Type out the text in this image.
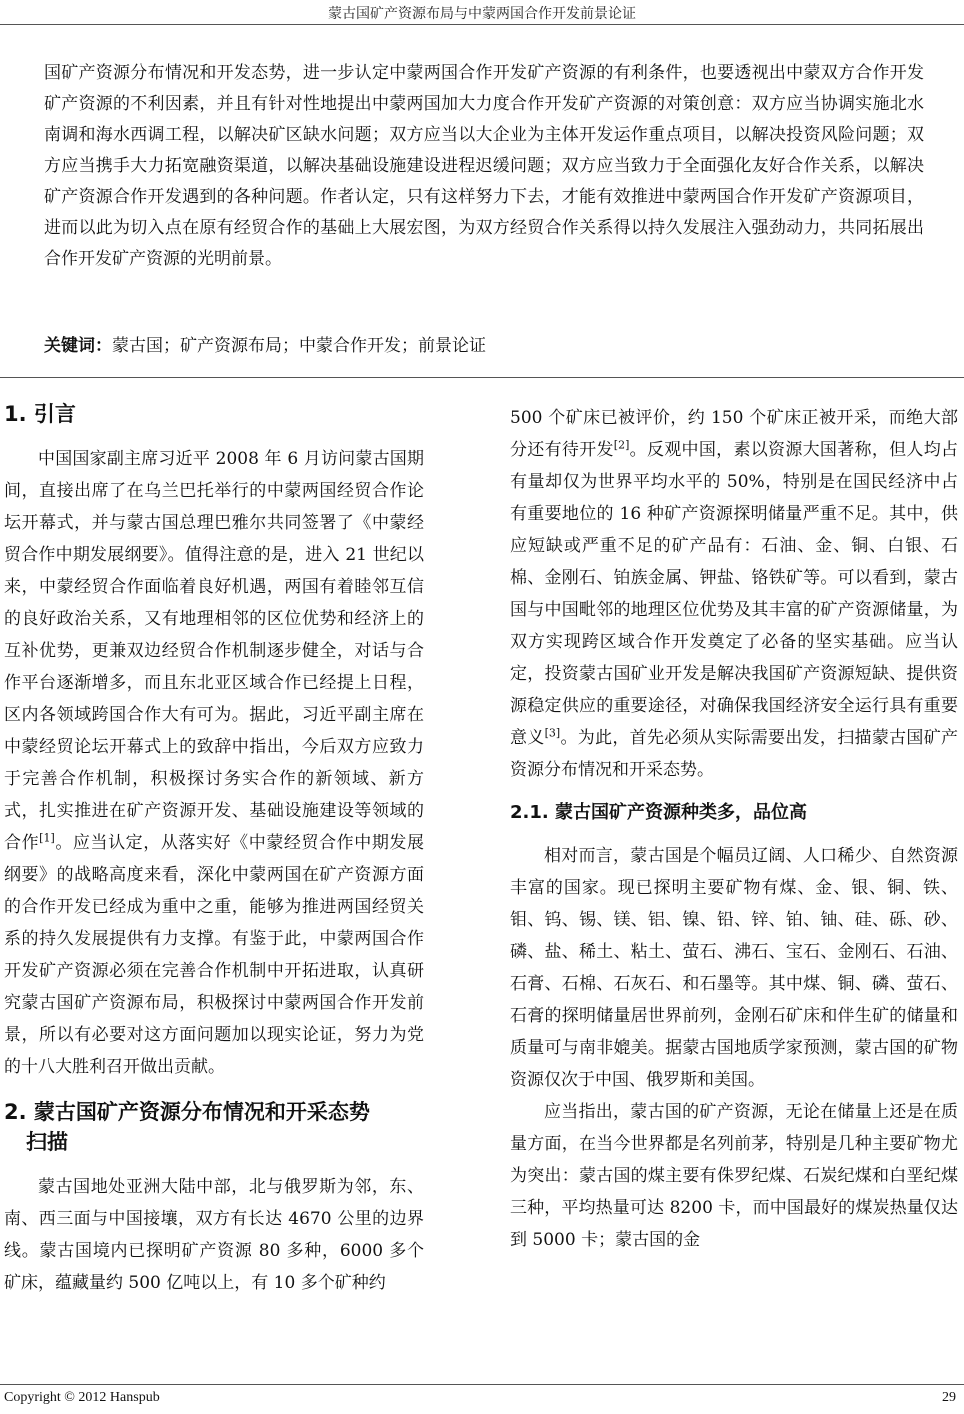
蒙古国矿产资源布局与中蒙两国合作开发前景论证

国矿产资源分布情况和开发态势，进一步认定中蒙两国合作开发矿产资源的有利条件，也要透视出中蒙双方合作开发矿产资源的不利因素，并且有针对性地提出中蒙两国加大力度合作开发矿产资源的对策创意：双方应当协调实施北水南调和海水西调工程，以解决矿区缺水问题；双方应当以大企业为主体开发运作重点项目，以解决投资风险问题；双方应当携手大力拓宽融资渠道，以解决基础设施建设进程迟缓问题；双方应当致力于全面强化友好合作关系，以解决矿产资源合作开发遇到的各种问题。作者认定，只有这样努力下去，才能有效推进中蒙两国合作开发矿产资源项目，进而以此为切入点在原有经贸合作的基础上大展宏图，为双方经贸合作关系得以持久发展注入强劲动力，共同拓展出合作开发矿产资源的光明前景。

关键词：蒙古国；矿产资源布局；中蒙合作开发；前景论证
1. 引言

中国国家副主席习近平 2008 年 6 月访问蒙古国期间，直接出席了在乌兰巴托举行的中蒙两国经贸合作论坛开幕式，并与蒙古国总理巴雅尔共同签署了《中蒙经贸合作中期发展纲要》。值得注意的是，进入 21 世纪以来，中蒙经贸合作面临着良好机遇，两国有着睦邻互信的良好政治关系，又有地理相邻的区位优势和经济上的互补优势，更兼双边经贸合作机制逐步健全，对话与合作平台逐渐增多，而且东北亚区域合作已经提上日程，区内各领域跨国合作大有可为。据此，习近平副主席在中蒙经贸论坛开幕式上的致辞中指出，今后双方应致力于完善合作机制，积极探讨务实合作的新领域、新方式，扎实推进在矿产资源开发、基础设施建设等领域的合作[1]。应当认定，从落实好《中蒙经贸合作中期发展纲要》的战略高度来看，深化中蒙两国在矿产资源方面的合作开发已经成为重中之重，能够为推进两国经贸关系的持久发展提供有力支撑。有鉴于此，中蒙两国合作开发矿产资源必须在完善合作机制中开拓进取，认真研究蒙古国矿产资源布局，积极探讨中蒙两国合作开发前景，所以有必要对这方面问题加以现实论证，努力为党的十八大胜利召开做出贡献。

2. 蒙古国矿产资源分布情况和开采态势
扫描

蒙古国地处亚洲大陆中部，北与俄罗斯为邻，东、南、西三面与中国接壤，双方有长达 4670 公里的边界线。蒙古国境内已探明矿产资源 80 多种，6000 多个矿床，蕴藏量约 500 亿吨以上，有 10 多个矿种约

500 个矿床已被评价，约 150 个矿床正被开采，而绝大部分还有待开发[2]。反观中国，素以资源大国著称，但人均占有量却仅为世界平均水平的 50%，特别是在国民经济中占有重要地位的 16 种矿产资源探明储量严重不足。其中，供应短缺或严重不足的矿产品有：石油、金、铜、白银、石棉、金刚石、铂族金属、钾盐、铬铁矿等。可以看到，蒙古国与中国毗邻的地理区位优势及其丰富的矿产资源储量，为双方实现跨区域合作开发奠定了必备的坚实基础。应当认定，投资蒙古国矿业开发是解决我国矿产资源短缺、提供资源稳定供应的重要途径，对确保我国经济安全运行具有重要意义[3]。为此，首先必须从实际需要出发，扫描蒙古国矿产资源分布情况和开采态势。

2.1. 蒙古国矿产资源种类多，品位高

相对而言，蒙古国是个幅员辽阔、人口稀少、自然资源丰富的国家。现已探明主要矿物有煤、金、银、铜、铁、钼、钨、锡、镁、铝、镍、铅、锌、铂、铀、硅、砾、砂、磷、盐、稀土、粘土、萤石、沸石、宝石、金刚石、石油、石膏、石棉、石灰石、和石墨等。其中煤、铜、磷、萤石、石膏的探明储量居世界前列，金刚石矿床和伴生矿的储量和质量可与南非媲美。据蒙古国地质学家预测，蒙古国的矿物资源仅次于中国、俄罗斯和美国。

应当指出，蒙古国的矿产资源，无论在储量上还是在质量方面，在当今世界都是名列前茅，特别是几种主要矿物尤为突出：蒙古国的煤主要有侏罗纪煤、石炭纪煤和白垩纪煤三种，平均热量可达 8200 卡，而中国最好的煤炭热量仅达到 5000 卡；蒙古国的金

Copyright © 2012 Hanspub	29
